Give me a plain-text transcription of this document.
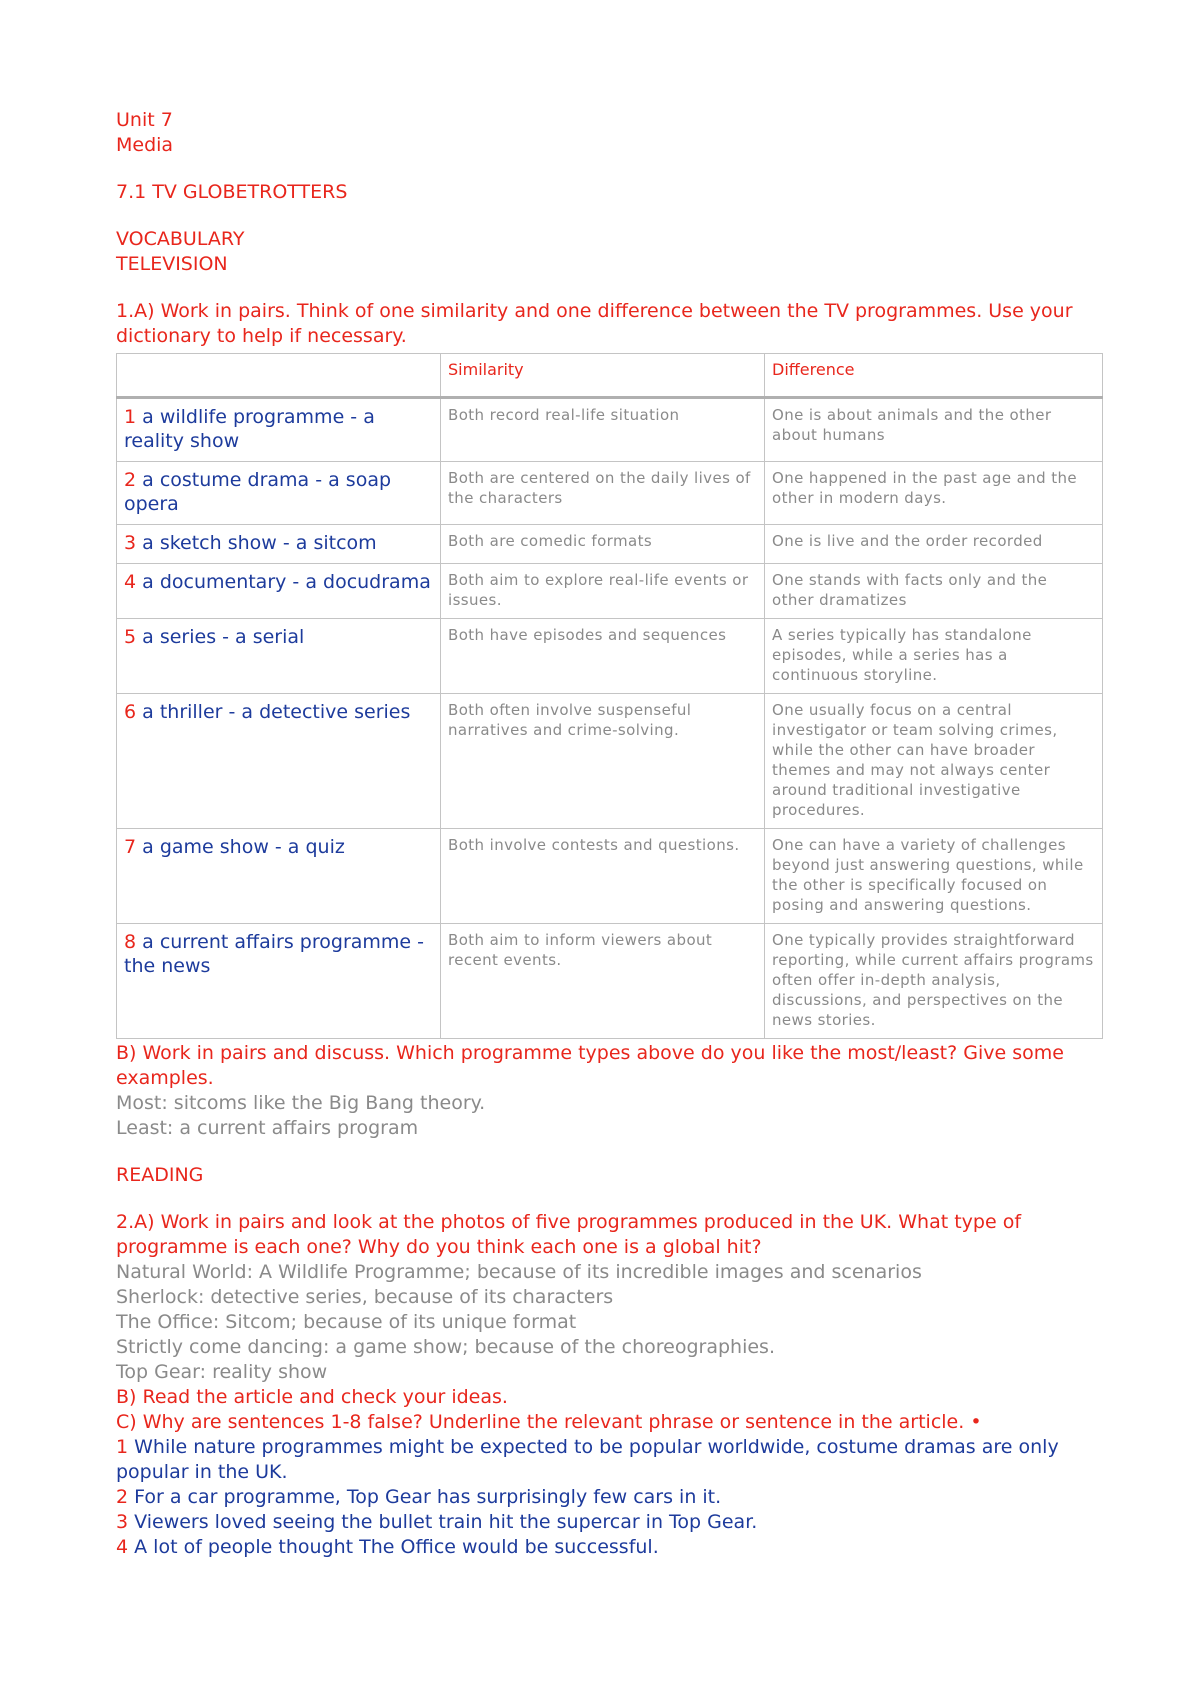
Unit 7

Media

7.1 TV GLOBETROTTERS

VOCABULARY

TELEVISION

1.A) Work in pairs. Think of one similarity and one difference between the TV programmes. Use your dictionary to help if necessary.

	Similarity	Difference
1 a wildlife programme - a reality show	Both record real-life situation	One is about animals and the other about humans
2 a costume drama - a soap opera	Both are centered on the daily lives of the characters	One happened in the past age and the other in modern days.
3 a sketch show - a sitcom	Both are comedic formats	One is live and the order recorded
4 a documentary - a docudrama	Both aim to explore real-life events or issues.	One stands with facts only and the other dramatizes
5 a series - a serial	Both have episodes and sequences	A series typically has standalone episodes, while a series has a continuous storyline.
6 a thriller - a detective series	Both often involve suspenseful narratives and crime-solving.	One usually focus on a central investigator or team solving crimes, while the other can have broader themes and may not always center around traditional investigative procedures.
7 a game show - a quiz	Both involve contests and questions.	One can have a variety of challenges beyond just answering questions, while the other is specifically focused on posing and answering questions.
8 a current affairs programme - the news	Both aim to inform viewers about recent events.	One typically provides straightforward reporting, while current affairs programs often offer in-depth analysis, discussions, and perspectives on the news stories.

B) Work in pairs and discuss. Which programme types above do you like the most/least? Give some examples.

Most: sitcoms like the Big Bang theory.

Least: a current affairs program

READING

2.A) Work in pairs and look at the photos of five programmes produced in the UK. What type of programme is each one? Why do you think each one is a global hit?

Natural World: A Wildlife Programme; because of its incredible images and scenarios

Sherlock: detective series, because of its characters

The Office: Sitcom; because of its unique format

Strictly come dancing: a game show; because of the choreographies.

Top Gear: reality show

B) Read the article and check your ideas.

C) Why are sentences 1-8 false? Underline the relevant phrase or sentence in the article. •

1 While nature programmes might be expected to be popular worldwide, costume dramas are only popular in the UK.

2 For a car programme, Top Gear has surprisingly few cars in it.

3 Viewers loved seeing the bullet train hit the supercar in Top Gear.

4 A lot of people thought The Office would be successful.
